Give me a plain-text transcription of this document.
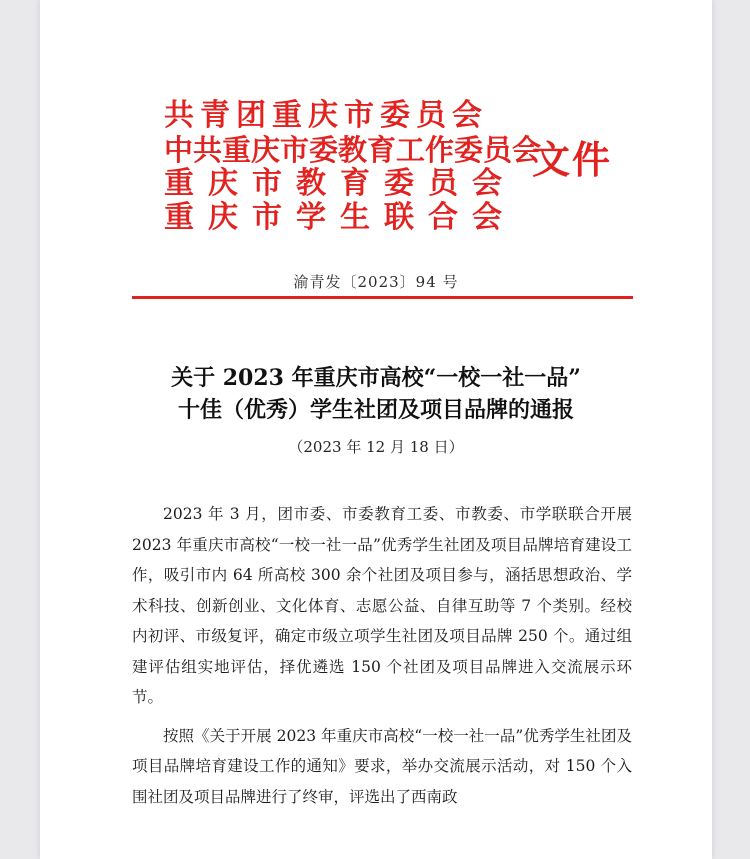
共青团重庆市委员会
中共重庆市委教育工作委员会
重庆市教育委员会
重庆市学生联合会
文件
渝青发〔2023〕94 号
关于 2023 年重庆市高校“一校一社一品”
十佳（优秀）学生社团及项目品牌的通报
（2023 年 12 月 18 日）

2023 年 3 月，团市委、市委教育工委、市教委、市学联联合开展 2023 年重庆市高校“一校一社一品”优秀学生社团及项目品牌培育建设工作，吸引市内 64 所高校 300 余个社团及项目参与，涵括思想政治、学术科技、创新创业、文化体育、志愿公益、自律互助等 7 个类别。经校内初评、市级复评，确定市级立项学生社团及项目品牌 250 个。通过组建评估组实地评估，择优遴选 150 个社团及项目品牌进入交流展示环节。

按照《关于开展 2023 年重庆市高校“一校一社一品”优秀学生社团及项目品牌培育建设工作的通知》要求，举办交流展示活动，对 150 个入围社团及项目品牌进行了终审，评选出了西南政
